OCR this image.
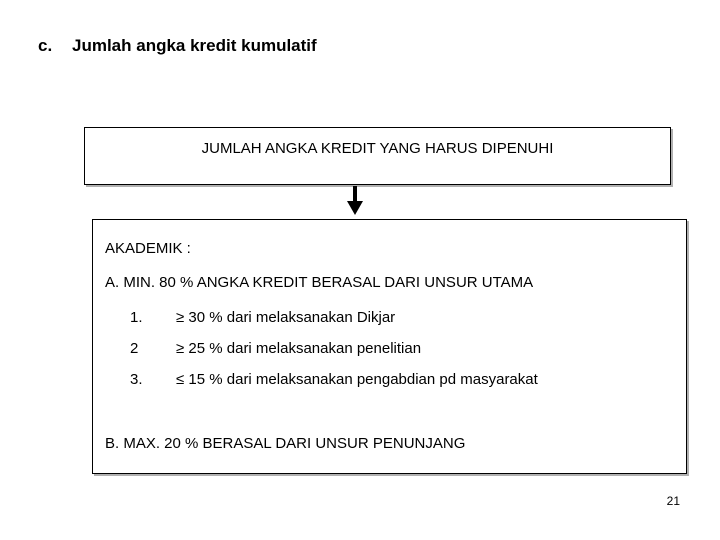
c. Jumlah angka kredit kumulatif
JUMLAH ANGKA KREDIT YANG HARUS DIPENUHI
AKADEMIK :
A. MIN. 80 % ANGKA KREDIT BERASAL DARI UNSUR UTAMA
1. ≥ 30 % dari melaksanakan Dikjar
2	≥ 25 % dari melaksanakan penelitian
3. ≤ 15 % dari melaksanakan pengabdian pd masyarakat
B. MAX. 20 % BERASAL DARI UNSUR PENUNJANG
21
